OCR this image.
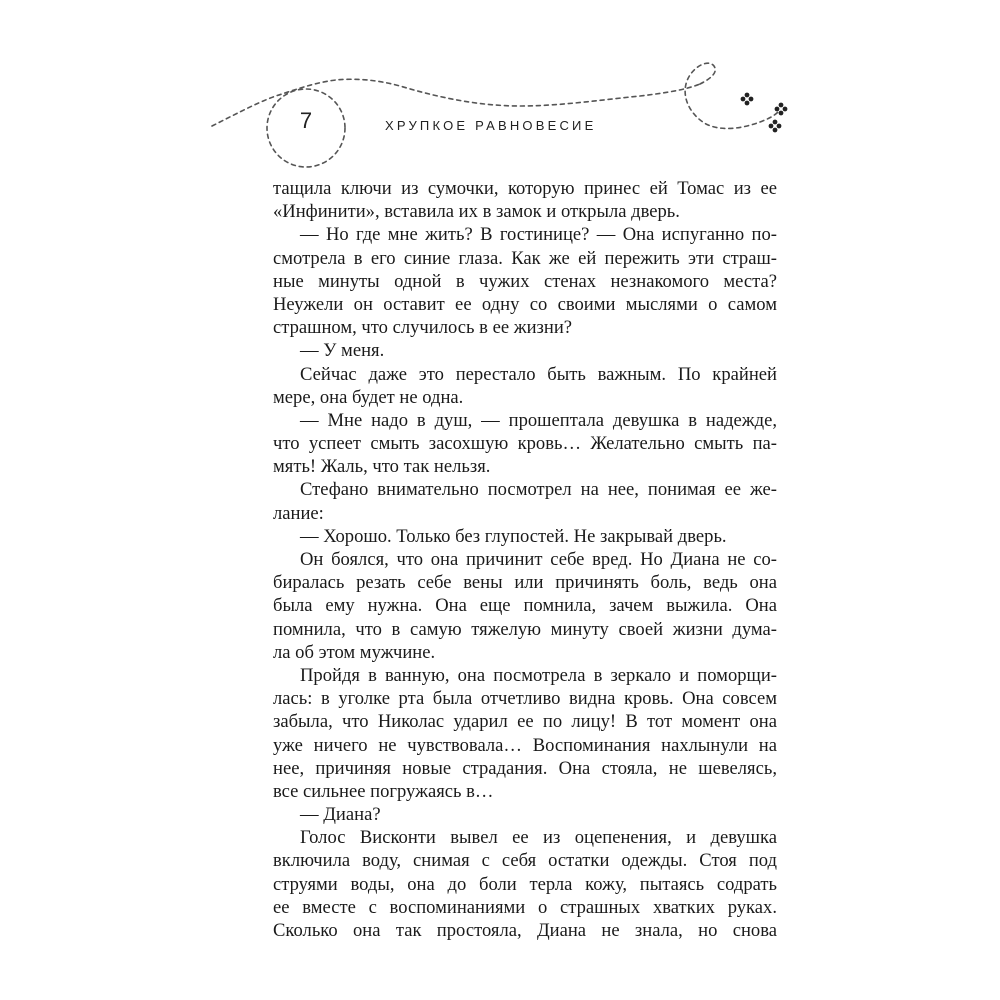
7	ХРУПКОЕ РАВНОВЕСИЕ
тащила ключи из сумочки, которую принес ей Томас из ее
«Инфинити», вставила их в замок и открыла дверь.
— Но где мне жить? В гостинице? — Она испуганно по-
смотрела в его синие глаза. Как же ей пережить эти страш-
ные минуты одной в чужих стенах незнакомого места?
Неужели он оставит ее одну со своими мыслями о самом
страшном, что случилось в ее жизни?
— У меня.
Сейчас даже это перестало быть важным. По крайней
мере, она будет не одна.
— Мне надо в душ, — прошептала девушка в надежде,
что успеет смыть засохшую кровь… Желательно смыть па-
мять! Жаль, что так нельзя.
Стефано внимательно посмотрел на нее, понимая ее же-
лание:
— Хорошо. Только без глупостей. Не закрывай дверь.
Он боялся, что она причинит себе вред. Но Диана не со-
биралась резать себе вены или причинять боль, ведь она
была ему нужна. Она еще помнила, зачем выжила. Она
помнила, что в самую тяжелую минуту своей жизни дума-
ла об этом мужчине.
Пройдя в ванную, она посмотрела в зеркало и поморщи-
лась: в уголке рта была отчетливо видна кровь. Она совсем
забыла, что Николас ударил ее по лицу! В тот момент она
уже ничего не чувствовала… Воспоминания нахлынули на
нее, причиняя новые страдания. Она стояла, не шевелясь,
все сильнее погружаясь в…
— Диана?
Голос Висконти вывел ее из оцепенения, и девушка
включила воду, снимая с себя остатки одежды. Стоя под
струями воды, она до боли терла кожу, пытаясь содрать
ее вместе с воспоминаниями о страшных хватких руках.
Сколько она так простояла, Диана не знала, но снова
